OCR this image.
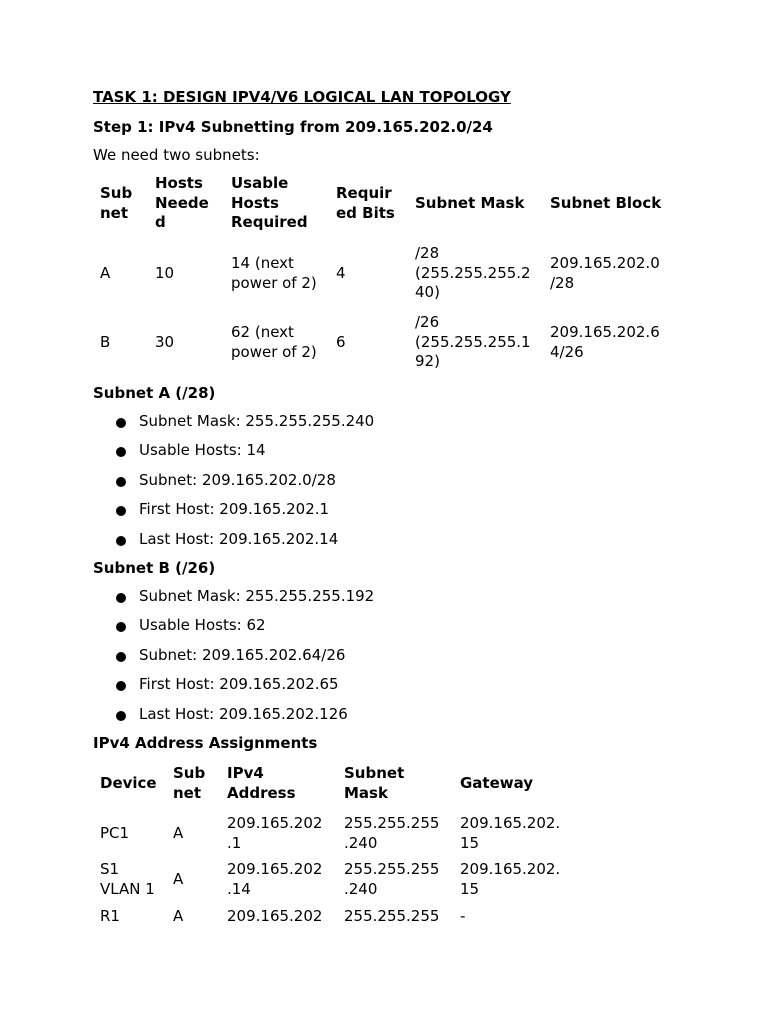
TASK 1: DESIGN IPV4/V6 LOGICAL LAN TOPOLOGY
Step 1: IPv4 Subnetting from 209.165.202.0/24
We need two subnets:
Sub net	Hosts Neede d	Usable Hosts Required	Requir ed Bits	Subnet Mask	Subnet Block
A	10	14 (next power of 2)	4	/28 (255.255.255.2 40)	209.165.202.0 /28
B	30	62 (next power of 2)	6	/26 (255.255.255.1 92)	209.165.202.6 4/26
Subnet A (/28)
Subnet Mask: 255.255.255.240
Usable Hosts: 14
Subnet: 209.165.202.0/28
First Host: 209.165.202.1
Last Host: 209.165.202.14
Subnet B (/26)
Subnet Mask: 255.255.255.192
Usable Hosts: 62
Subnet: 209.165.202.64/26
First Host: 209.165.202.65
Last Host: 209.165.202.126
IPv4 Address Assignments
Device	Sub net	IPv4 Address	Subnet Mask	Gateway
PC1	A	209.165.202 .1	255.255.255 .240	209.165.202. 15
S1 VLAN 1	A	209.165.202 .14	255.255.255 .240	209.165.202. 15
R1	A	209.165.202	255.255.255	-
